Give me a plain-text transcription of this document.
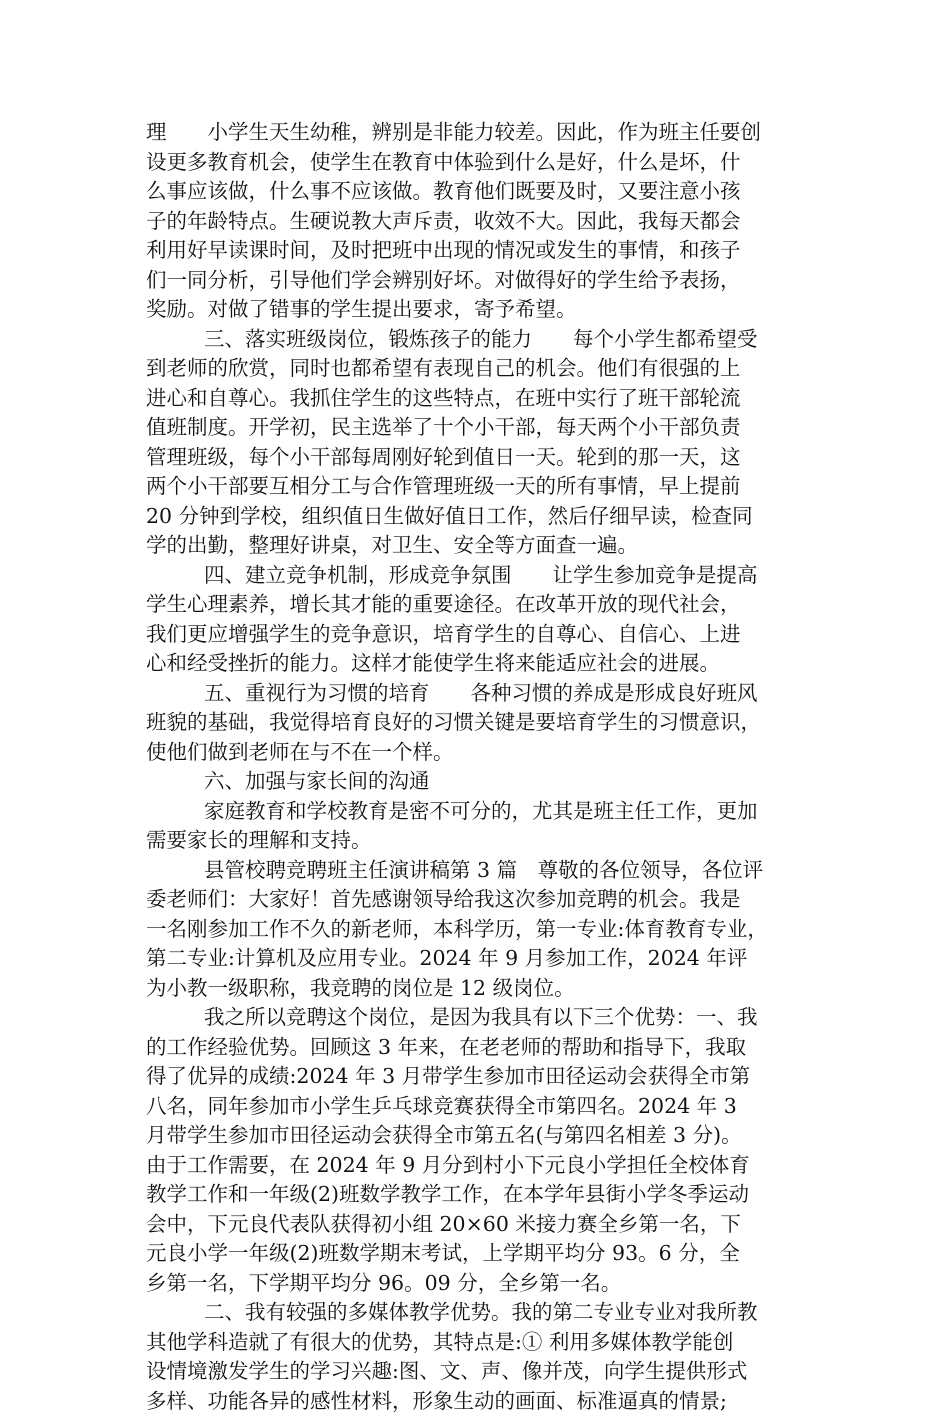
理　　小学生天生幼稚，辨别是非能力较差。因此，作为班主任要创
设更多教育机会，使学生在教育中体验到什么是好，什么是坏，什
么事应该做，什么事不应该做。教育他们既要及时，又要注意小孩
子的年龄特点。生硬说教大声斥责，收效不大。因此，我每天都会
利用好早读课时间，及时把班中出现的情况或发生的事情，和孩子
们一同分析，引导他们学会辨别好坏。对做得好的学生给予表扬，
奖励。对做了错事的学生提出要求，寄予希望。
三、落实班级岗位，锻炼孩子的能力　　每个小学生都希望受
到老师的欣赏，同时也都希望有表现自己的机会。他们有很强的上
进心和自尊心。我抓住学生的这些特点，在班中实行了班干部轮流
值班制度。开学初，民主选举了十个小干部，每天两个小干部负责
管理班级，每个小干部每周刚好轮到值日一天。轮到的那一天，这
两个小干部要互相分工与合作管理班级一天的所有事情，早上提前
20 分钟到学校，组织值日生做好值日工作，然后仔细早读，检查同
学的出勤，整理好讲桌，对卫生、安全等方面查一遍。
四、建立竞争机制，形成竞争氛围　　让学生参加竞争是提高
学生心理素养，增长其才能的重要途径。在改革开放的现代社会，
我们更应增强学生的竞争意识，培育学生的自尊心、自信心、上进
心和经受挫折的能力。这样才能使学生将来能适应社会的进展。
五、重视行为习惯的培育　　各种习惯的养成是形成良好班风
班貌的基础，我觉得培育良好的习惯关键是要培育学生的习惯意识，
使他们做到老师在与不在一个样。
六、加强与家长间的沟通
家庭教育和学校教育是密不可分的，尤其是班主任工作，更加
需要家长的理解和支持。
县管校聘竞聘班主任演讲稿第 3 篇　尊敬的各位领导，各位评
委老师们：大家好！首先感谢领导给我这次参加竞聘的机会。我是
一名刚参加工作不久的新老师，本科学历，第一专业:体育教育专业，
第二专业:计算机及应用专业。2024 年 9 月参加工作，2024 年评
为小教一级职称，我竞聘的岗位是 12 级岗位。
我之所以竞聘这个岗位，是因为我具有以下三个优势：一、我
的工作经验优势。回顾这 3 年来，在老老师的帮助和指导下，我取
得了优异的成绩:2024 年 3 月带学生参加市田径运动会获得全市第
八名，同年参加市小学生乒乓球竞赛获得全市第四名。2024 年 3
月带学生参加市田径运动会获得全市第五名(与第四名相差 3 分)。
由于工作需要，在 2024 年 9 月分到村小下元良小学担任全校体育
教学工作和一年级(2)班数学教学工作，在本学年县街小学冬季运动
会中，下元良代表队获得初小组 20×60 米接力赛全乡第一名，下
元良小学一年级(2)班数学期末考试，上学期平均分 93。6 分，全
乡第一名，下学期平均分 96。09 分，全乡第一名。
二、我有较强的多媒体教学优势。我的第二专业专业对我所教
其他学科造就了有很大的优势，其特点是:① 利用多媒体教学能创
设情境激发学生的学习兴趣:图、文、声、像并茂，向学生提供形式
多样、功能各异的感性材料，形象生动的画面、标准逼真的情景;
